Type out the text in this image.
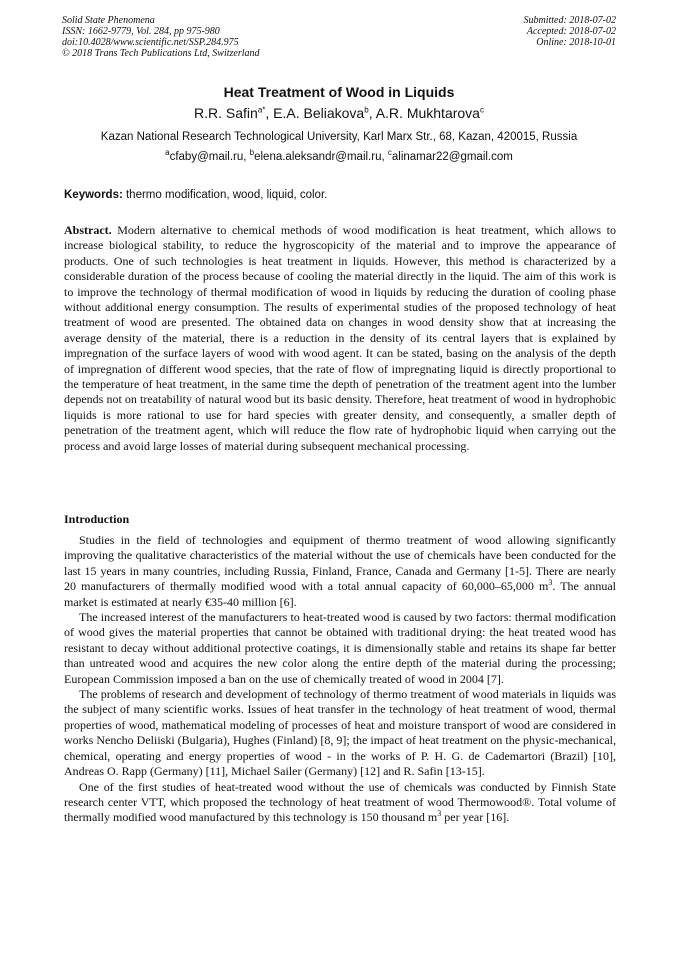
Solid State Phenomena
ISSN: 1662-9779, Vol. 284, pp 975-980
doi:10.4028/www.scientific.net/SSP.284.975
© 2018 Trans Tech Publications Ltd, Switzerland
Submitted: 2018-07-02
Accepted: 2018-07-02
Online: 2018-10-01
Heat Treatment of Wood in Liquids
R.R. Safin$^{a*}$, E.A. Beliakova$^b$, A.R. Mukhtarova$^c$
Kazan National Research Technological University, Karl Marx Str., 68, Kazan, 420015, Russia
$^a$cfaby@mail.ru, $^b$elena.aleksandr@mail.ru, $^c$alinamar22@gmail.com
Keywords: thermo modification, wood, liquid, color.
Abstract. Modern alternative to chemical methods of wood modification is heat treatment, which allows to increase biological stability, to reduce the hygroscopicity of the material and to improve the appearance of products. One of such technologies is heat treatment in liquids. However, this method is characterized by a considerable duration of the process because of cooling the material directly in the liquid. The aim of this work is to improve the technology of thermal modification of wood in liquids by reducing the duration of cooling phase without additional energy consumption. The results of experimental studies of the proposed technology of heat treatment of wood are presented. The obtained data on changes in wood density show that at increasing the average density of the material, there is a reduction in the density of its central layers that is explained by impregnation of the surface layers of wood with wood agent. It can be stated, basing on the analysis of the depth of impregnation of different wood species, that the rate of flow of impregnating liquid is directly proportional to the temperature of heat treatment, in the same time the depth of penetration of the treatment agent into the lumber depends not on treatability of natural wood but its basic density. Therefore, heat treatment of wood in hydrophobic liquids is more rational to use for hard species with greater density, and consequently, a smaller depth of penetration of the treatment agent, which will reduce the flow rate of hydrophobic liquid when carrying out the process and avoid large losses of material during subsequent mechanical processing.
Introduction

Studies in the field of technologies and equipment of thermo treatment of wood allowing significantly improving the qualitative characteristics of the material without the use of chemicals have been conducted for the last 15 years in many countries, including Russia, Finland, France, Canada and Germany [1-5]. There are nearly 20 manufacturers of thermally modified wood with a total annual capacity of 60,000–65,000 $m^3$. The annual market is estimated at nearly €35-40 million [6].

The increased interest of the manufacturers to heat-treated wood is caused by two factors: thermal modification of wood gives the material properties that cannot be obtained with traditional drying: the heat treated wood has resistant to decay without additional protective coatings, it is dimensionally stable and retains its shape far better than untreated wood and acquires the new color along the entire depth of the material during the processing; European Commission imposed a ban on the use of chemically treated of wood in 2004 [7].

The problems of research and development of technology of thermo treatment of wood materials in liquids was the subject of many scientific works. Issues of heat transfer in the technology of heat treatment of wood, thermal properties of wood, mathematical modeling of processes of heat and moisture transport of wood are considered in works Nencho Deliiski (Bulgaria), Hughes (Finland) [8, 9]; the impact of heat treatment on the physic-mechanical, chemical, operating and energy properties of wood - in the works of P. H. G. de Cademartori (Brazil) [10], Andreas O. Rapp (Germany) [11], Michael Sailer (Germany) [12] and R. Safin [13-15].

One of the first studies of heat-treated wood without the use of chemicals was conducted by Finnish State research center VTT, which proposed the technology of heat treatment of wood Thermowood®. Total volume of thermally modified wood manufactured by this technology is 150 thousand $m^3$ per year [16].
